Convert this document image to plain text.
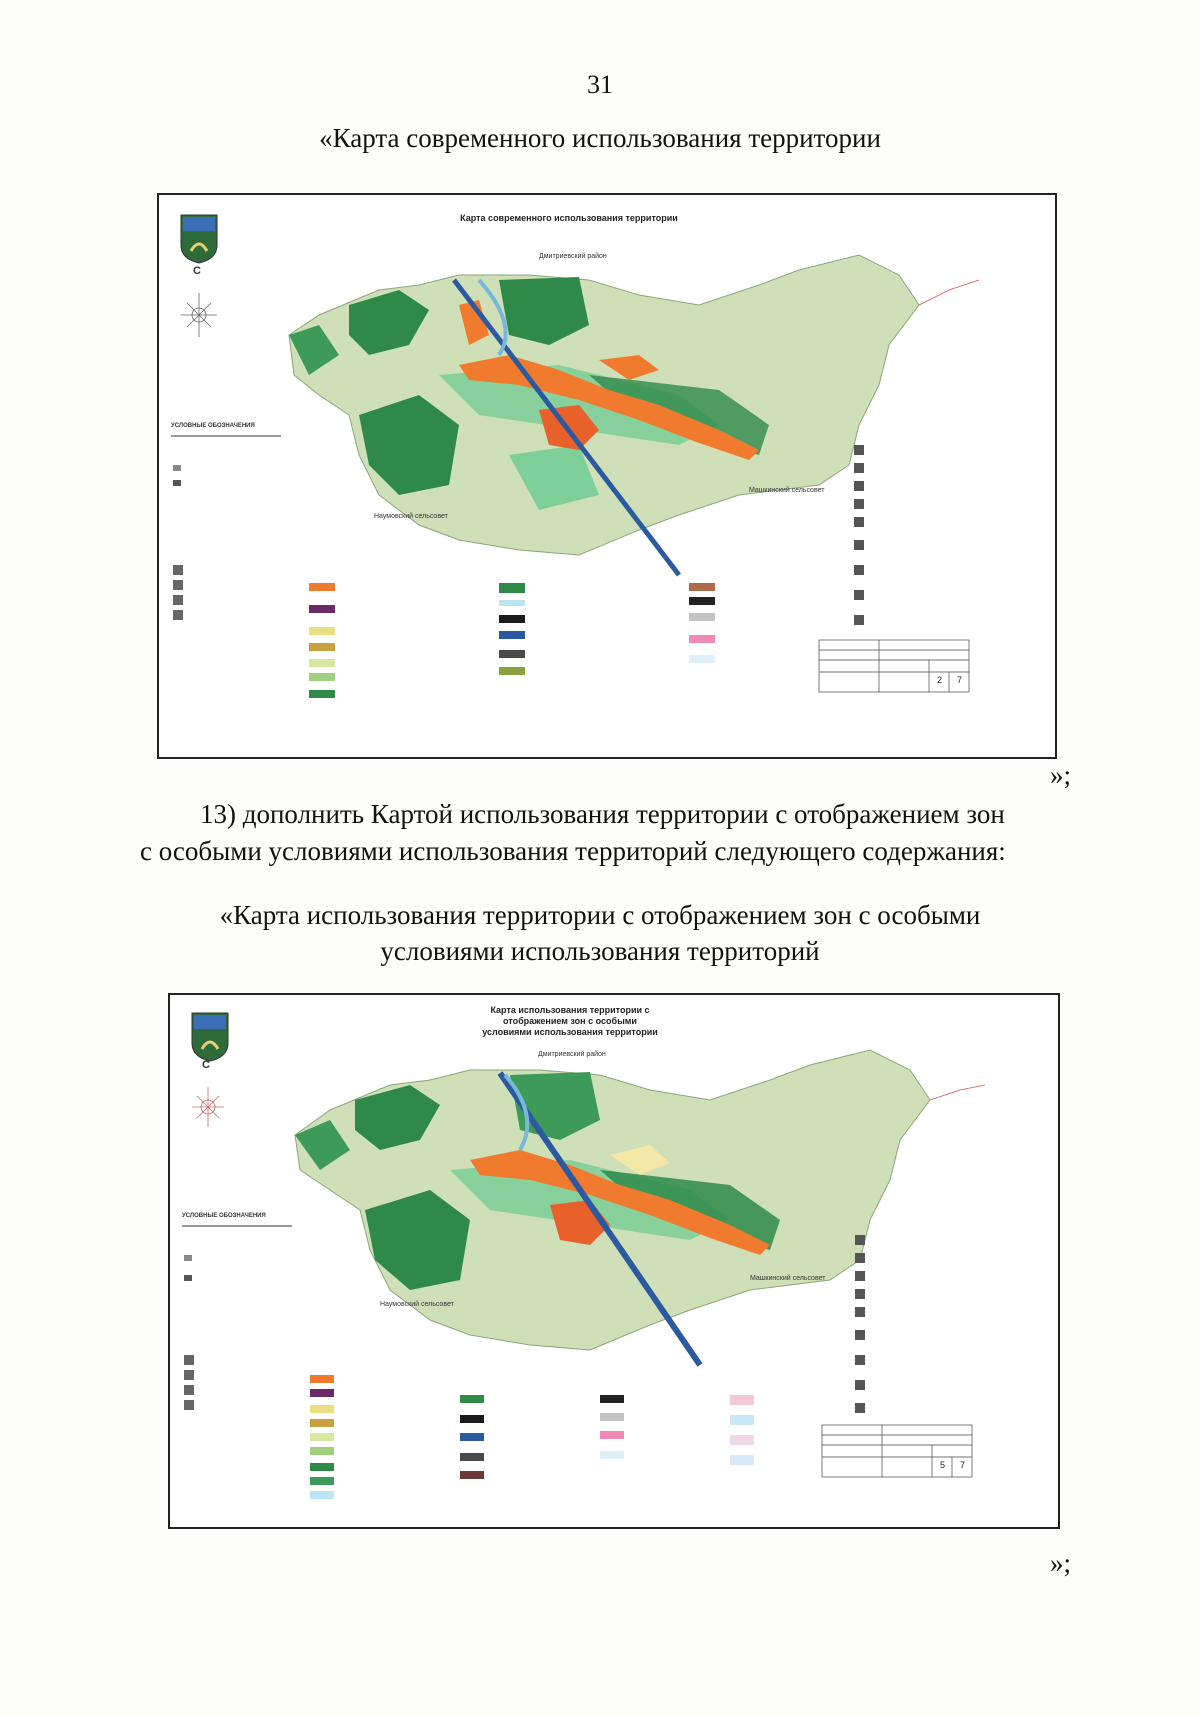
31
«Карта современного использования территории
Карта современного использования территории
С
Дмитриевский район
Наумовский сельсовет
Машкинский сельсовет
УСЛОВНЫЕ ОБОЗНАЧЕНИЯ
2	7
»;
13) дополнить Картой использования территории с отображением зон
с особыми условиями использования территорий следующего содержания:
«Карта использования территории с отображением зон с особыми
условиями использования территорий
Карта использования территории с
отображением зон с особыми
условиями использования территории
С
Дмитриевский район
Наумовский сельсовет
Машкинский сельсовет
УСЛОВНЫЕ ОБОЗНАЧЕНИЯ
5	7
»;
